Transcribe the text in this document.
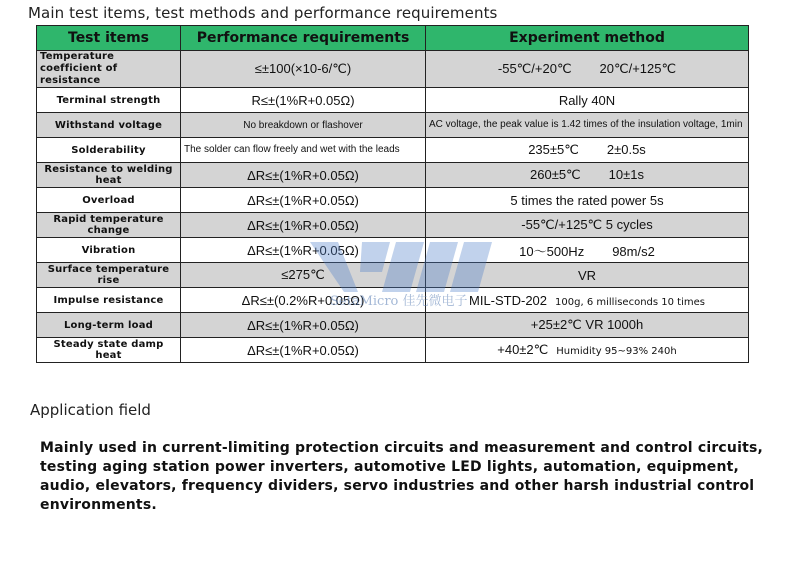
Main test items, test methods and performance requirements
Test items	Performance requirements	Experiment method
Temperature coefficient of resistance	≤±100(×10-6/℃)	-55℃/+20℃ 20℃/+125℃
Terminal strength	R≤±(1%R+0.05Ω)	Rally 40N
Withstand voltage	No breakdown or flashover	AC voltage, the peak value is 1.42 times of the insulation voltage, 1min
Solderability	The solder can flow freely and wet with the leads	235±5℃ 2±0.5s
Resistance to welding heat	ΔR≤±(1%R+0.05Ω)	260±5℃ 10±1s
Overload	ΔR≤±(1%R+0.05Ω)	5 times the rated power 5s
Rapid temperature change	ΔR≤±(1%R+0.05Ω)	-55℃/+125℃ 5 cycles
Vibration	ΔR≤±(1%R+0.05Ω)	10～500Hz 98m/s2
Surface temperature rise	≤275℃	VR
Impulse resistance	ΔR≤±(0.2%R+0.05Ω)	MIL-STD-202 100g, 6 milliseconds 10 times
Long-term load	ΔR≤±(1%R+0.05Ω)	+25±2℃ VR 1000h
Steady state damp heat	ΔR≤±(1%R+0.05Ω)	+40±2℃ Humidity 95~93% 240h
SetaMicro 佳先微电子
Application field
Mainly used in current-limiting protection circuits and measurement and control circuits, testing aging station power inverters, automotive LED lights, automation, equipment, audio, elevators, frequency dividers, servo industries and other harsh industrial control environments.
